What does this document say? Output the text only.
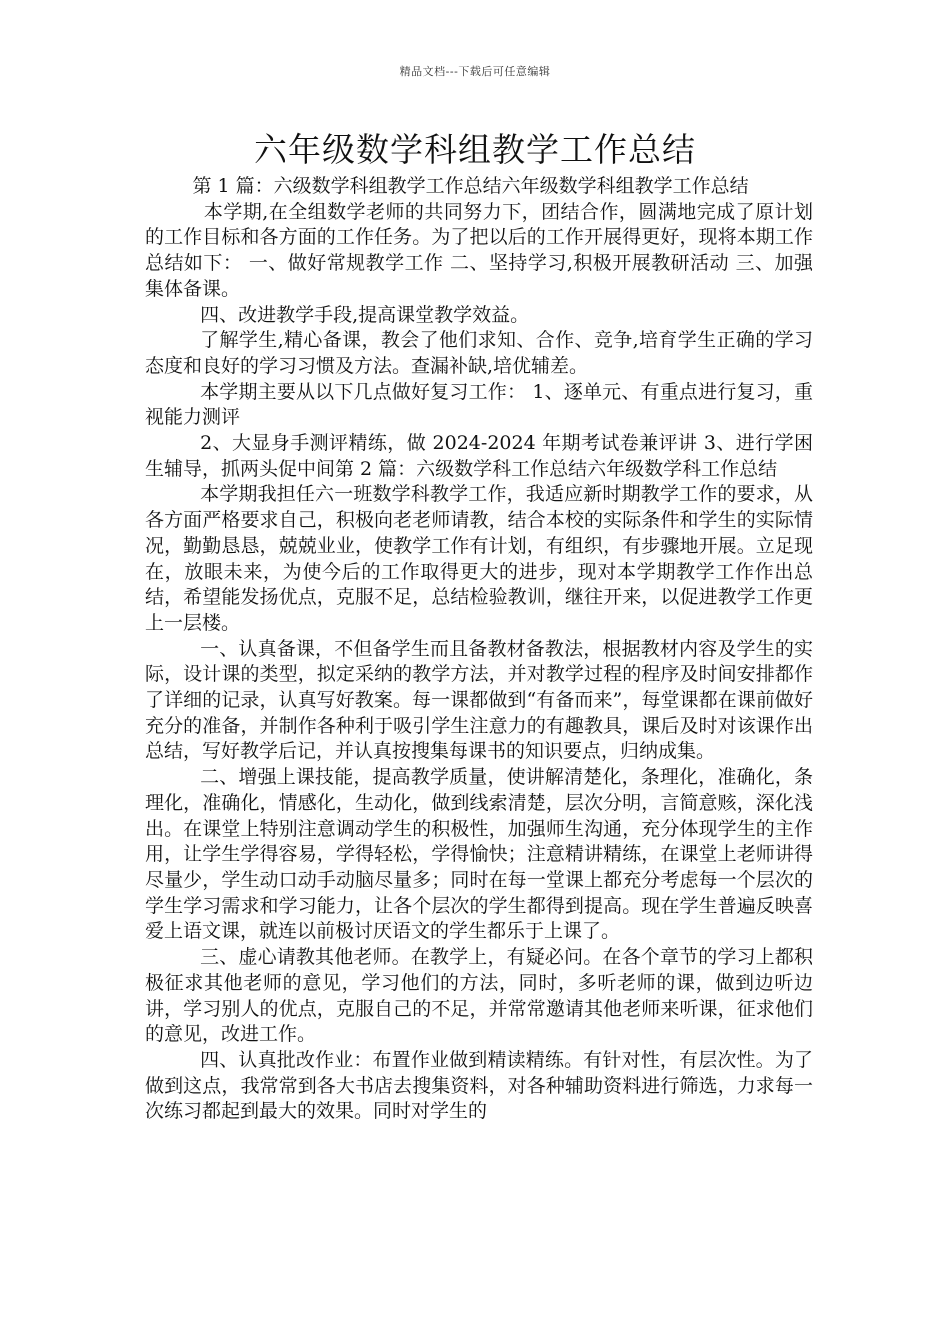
精品文档---下载后可任意编辑
六年级数学科组教学工作总结

第 1 篇：六级数学科组教学工作总结六年级数学科组教学工作总结

本学期,在全组数学老师的共同努力下，团结合作，圆满地完成了原计划的工作目标和各方面的工作任务。为了把以后的工作开展得更好，现将本期工作总结如下： 一、做好常规教学工作 二、坚持学习,积极开展教研活动 三、加强集体备课。

四、改进教学手段,提高课堂教学效益。

了解学生,精心备课，教会了他们求知、合作、竞争,培育学生正确的学习态度和良好的学习习惯及方法。查漏补缺,培优辅差。

本学期主要从以下几点做好复习工作： 1、逐单元、有重点进行复习，重视能力测评

2、大显身手测评精练，做 2024-2024 年期考试卷兼评讲 3、进行学困生辅导，抓两头促中间第 2 篇：六级数学科工作总结六年级数学科工作总结

本学期我担任六一班数学科教学工作，我适应新时期教学工作的要求，从各方面严格要求自己，积极向老老师请教，结合本校的实际条件和学生的实际情况，勤勤恳恳，兢兢业业，使教学工作有计划，有组织，有步骤地开展。立足现在，放眼未来，为使今后的工作取得更大的进步，现对本学期教学工作作出总结，希望能发扬优点，克服不足，总结检验教训，继往开来，以促进教学工作更上一层楼。

一、认真备课，不但备学生而且备教材备教法，根据教材内容及学生的实际，设计课的类型，拟定采纳的教学方法，并对教学过程的程序及时间安排都作了详细的记录，认真写好教案。每一课都做到“有备而来”，每堂课都在课前做好充分的准备，并制作各种利于吸引学生注意力的有趣教具，课后及时对该课作出总结，写好教学后记，并认真按搜集每课书的知识要点，归纳成集。

二、增强上课技能，提高教学质量，使讲解清楚化，条理化，准确化，条理化，准确化，情感化，生动化，做到线索清楚，层次分明，言简意赅，深化浅出。在课堂上特别注意调动学生的积极性，加强师生沟通，充分体现学生的主作用，让学生学得容易，学得轻松，学得愉快；注意精讲精练，在课堂上老师讲得尽量少，学生动口动手动脑尽量多；同时在每一堂课上都充分考虑每一个层次的学生学习需求和学习能力，让各个层次的学生都得到提高。现在学生普遍反映喜爱上语文课，就连以前极讨厌语文的学生都乐于上课了。

三、虚心请教其他老师。在教学上，有疑必问。在各个章节的学习上都积极征求其他老师的意见，学习他们的方法，同时，多听老师的课，做到边听边讲，学习别人的优点，克服自己的不足，并常常邀请其他老师来听课，征求他们的意见，改进工作。

四、认真批改作业：布置作业做到精读精练。有针对性，有层次性。为了做到这点，我常常到各大书店去搜集资料，对各种辅助资料进行筛选，力求每一次练习都起到最大的效果。同时对学生的
